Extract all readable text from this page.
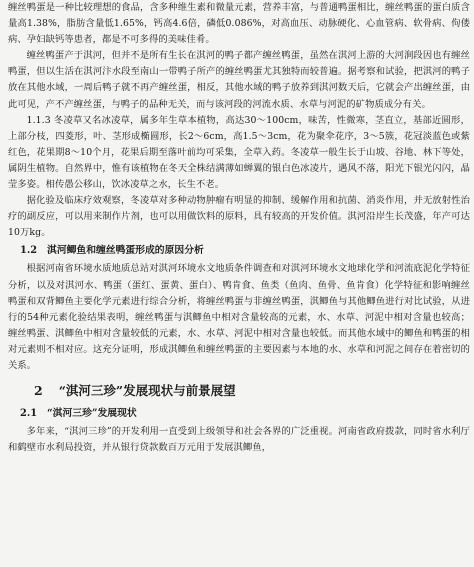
缠丝鸭蛋是一种比较理想的食品，含多种维生素和微量元素，营养丰富，与普通鸭蛋相比，缠丝鸭蛋的蛋白质含量高1.38%，脂肪含量低1.65%，钙高4.6倍，磷低0.086%，对高血压、动脉硬化、心血管病、软骨病、佝偻病、孕妇缺钙等患者，都是不可多得的美味佳肴。

缠丝鸭蛋产于淇河，但并不是所有生长在淇河的鸭子都产缠丝鸭蛋，虽然在淇河上游的大河涧段因也有缠丝鸭蛋，但以生活在淇河汴水段至南山一带鸭子所产的缠丝鸭蛋尤其独特而较普遍。据考察和试验，把淇河的鸭子放在其他水域，一周后鸭子就不再产缠丝蛋，相反，其他水域的鸭子放养到淇河数天后，它就会产出缠丝蛋，由此可见，产不产缠丝蛋，与鸭子的品种无关，而与该河段的河流水质、水草与河泥的矿物质成分有关。

1.1.3 冬凌草又名冰凌草，属多年生草本植物，高达30～100cm，味苦，性微寒，茎直立，基部近圆形，上部分枝，四菱形，叶、茎形成椭圆形，长2～6cm，高1.5～3cm，花为聚伞花序，3～5簇，花冠淡蓝色或紫红色，花果期8～10个月，花果后期至落叶前均可采集，全草入药。冬凌草一般生长于山坡、谷地、林下等处，属阴生植物。自然界中，惟有该植物在冬天全株结满薄如蝉翼的银白色冰凌片，遇风不落，阳光下银光闪闪，晶莹多姿。相传愚公移山，饮冰凌草之水，长生不老。

据化验及临床疗效观察，冬凌草对多种动物肿瘤有明显的抑制、缓解作用和抗菌、消炎作用，并无放射性治疗的副反应，可以用来制作片剂，也可以用做饮料的原料，具有较高的开发价值。淇河沿岸生长茂盛，年产可达10万kg。

1.2 淇河鲫鱼和缠丝鸭蛋形成的原因分析

根据河南省环境水质地质总站对淇河环境水文地质条件调查和对淇河环境水文地球化学和河流底泥化学特征分析，以及对淇河水、鸭蛋（蛋红、蛋黄、蛋白）、鸭肯食、鱼类（鱼肉、鱼骨、鱼肯食）化学特征和影响缠丝鸭蛋和双背鲫鱼主要化学元素进行综合分析，将缠丝鸭蛋与非缠丝鸭蛋，淇鲫鱼与其他鲫鱼进行对比试验，从进行的54种元素化验结果表明，缠丝鸭蛋与淇鲫鱼中相对含量较高的元素，水、水草、河泥中相对含量也较高；缠丝鸭蛋、淇鲫鱼中相对含量较低的元素，水、水草、河泥中相对含量也较低。而其他水域中的鲫鱼和鸭蛋的相对元素则不相对应。这充分证明，形成淇鲫鱼和缠丝鸭蛋的主要因素与本地的水、水草和河泥之间存在着密切的关系。

2 “淇河三珍”发展现状与前景展望
2.1 “淇河三珍”发展现状

多年来，“淇河三珍”的开发利用一直受到上级领导和社会各界的广泛重视。河南省政府拨款，同时省水利厅和鹤壁市水利局投资，并从银行贷款数百万元用于发展淇鲫鱼，
